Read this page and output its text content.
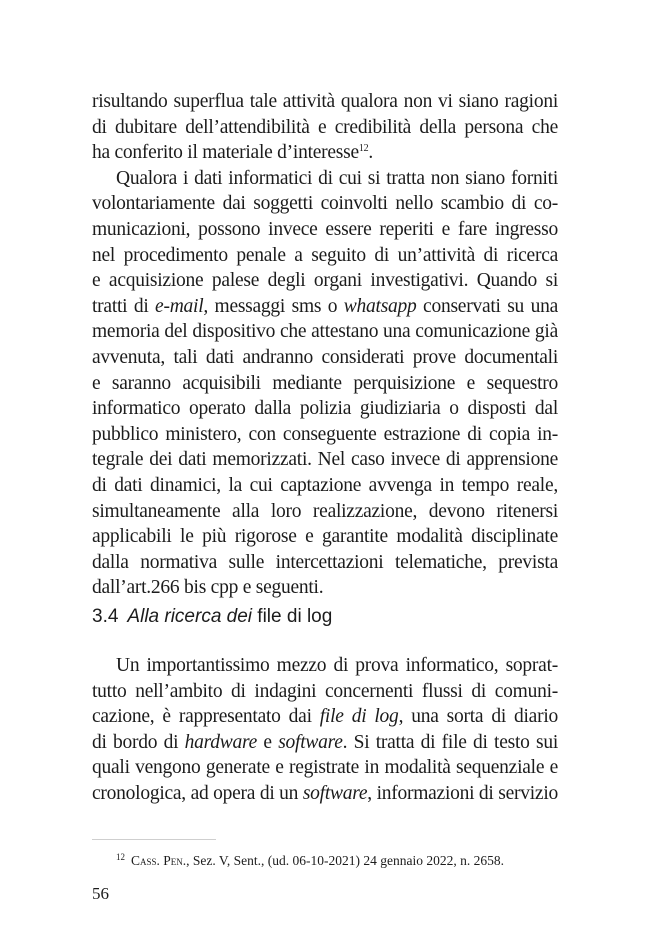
risultando superflua tale attività qualora non vi siano ragioni
di dubitare dell’attendibilità e credibilità della persona che
ha conferito il materiale d’interesse$^{12}$.
Qualora i dati informatici di cui si tratta non siano forniti
volontariamente dai soggetti coinvolti nello scambio di co-
municazioni, possono invece essere reperiti e fare ingresso
nel procedimento penale a seguito di un’attività di ricerca
e acquisizione palese degli organi investigativi. Quando si
tratti di e-mail, messaggi sms o whatsapp conservati su una
memoria del dispositivo che attestano una comunicazione già
avvenuta, tali dati andranno considerati prove documentali
e saranno acquisibili mediante perquisizione e sequestro
informatico operato dalla polizia giudiziaria o disposti dal
pubblico ministero, con conseguente estrazione di copia in-
tegrale dei dati memorizzati. Nel caso invece di apprensione
di dati dinamici, la cui captazione avvenga in tempo reale,
simultaneamente alla loro realizzazione, devono ritenersi
applicabili le più rigorose e garantite modalità disciplinate
dalla normativa sulle intercettazioni telematiche, prevista
dall’art.266 bis cpp e seguenti.
3.4 Alla ricerca dei file di log
Un importantissimo mezzo di prova informatico, soprat-
tutto nell’ambito di indagini concernenti flussi di comuni-
cazione, è rappresentato dai file di log, una sorta di diario
di bordo di hardware e software. Si tratta di file di testo sui
quali vengono generate e registrate in modalità sequenziale e
cronologica, ad opera di un software, informazioni di servizio
$^{12}$ Cass. Pen., Sez. V, Sent., (ud. 06-10-2021) 24 gennaio 2022, n. 2658.
56
